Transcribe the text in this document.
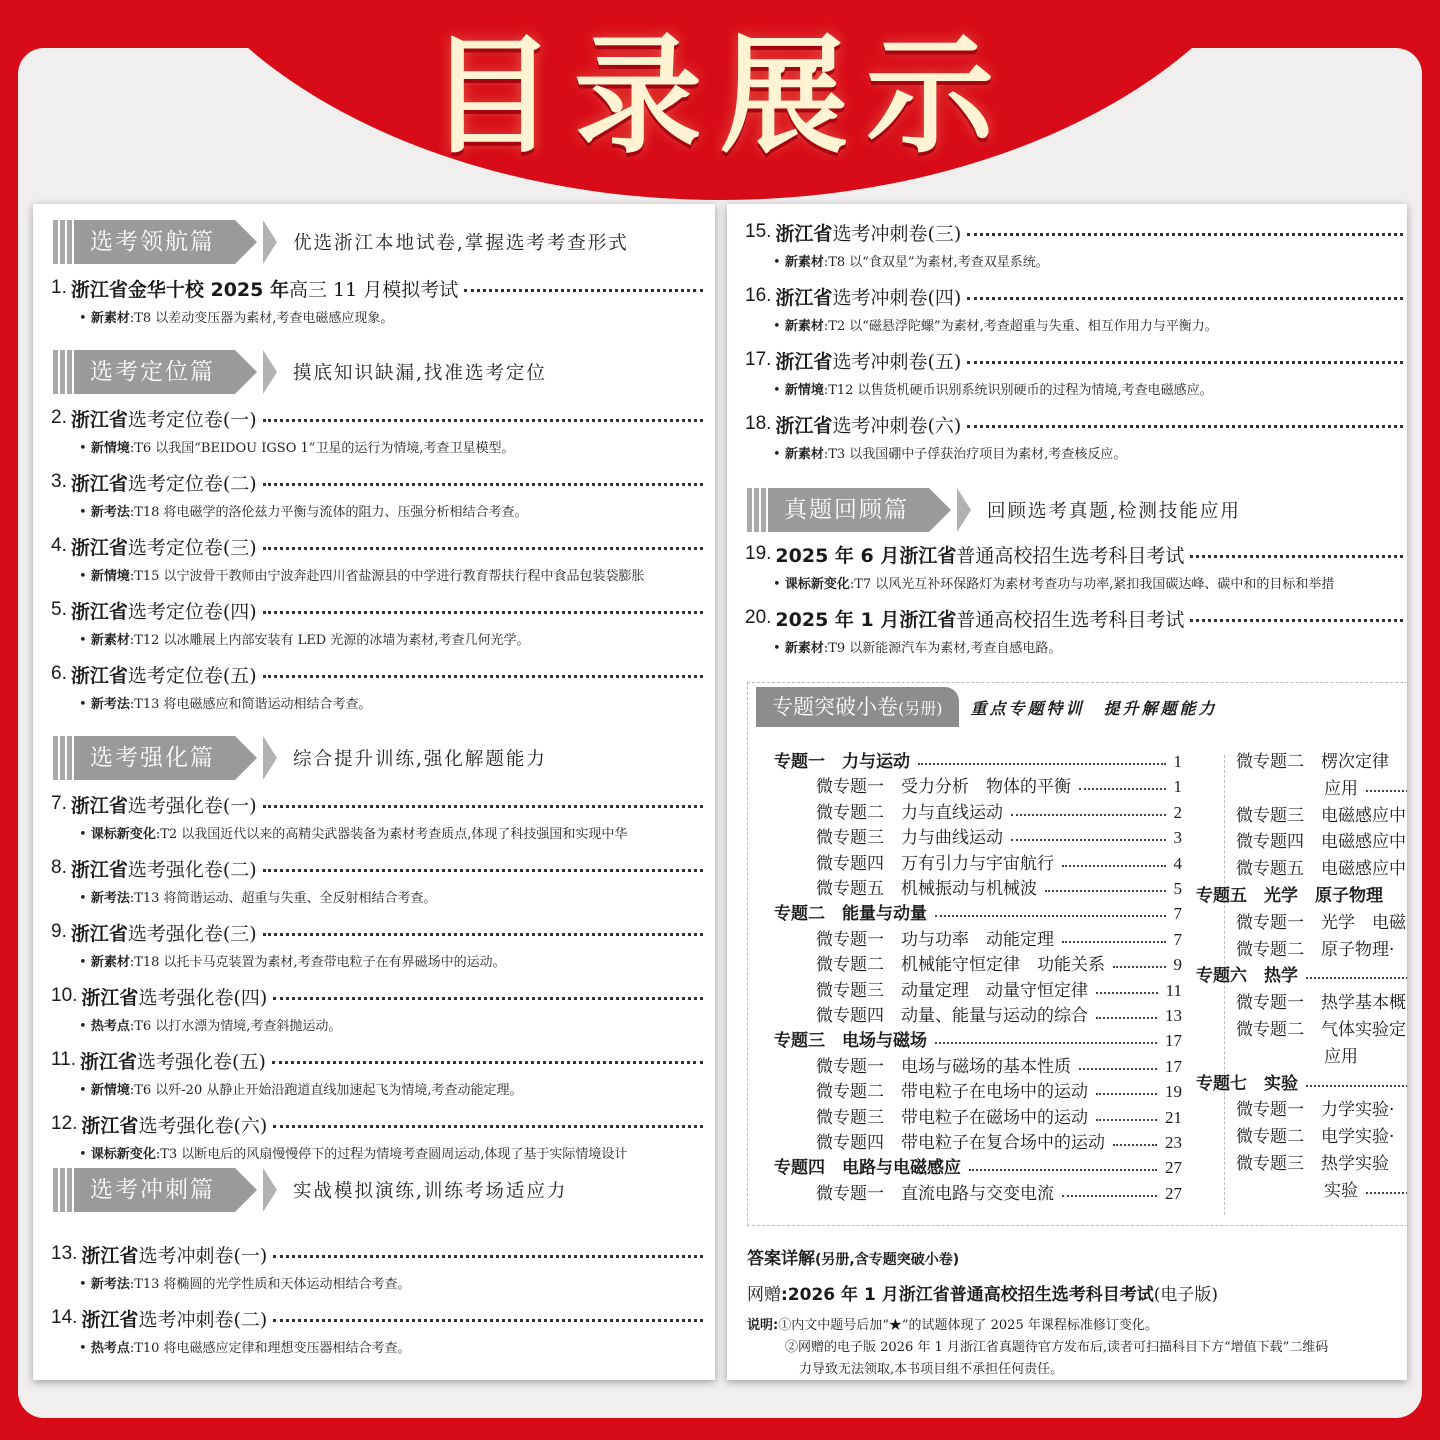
目录展示
选考领航篇	优选浙江本地试卷,掌握选考考查形式
选考定位篇	摸底知识缺漏,找准选考定位
选考强化篇	综合提升训练,强化解题能力
选考冲刺篇	实战模拟演练,训练考场适应力
1. 浙江省金华十校 2025 年 高三 11 月模拟考试
• 新素材:T8 以差动变压器为素材,考查电磁感应现象。
2. 浙江省 选考定位卷(一)
• 新情境:T6 以我国“BEIDOU IGSO 1”卫星的运行为情境,考查卫星模型。
3. 浙江省 选考定位卷(二)
• 新考法:T18 将电磁学的洛伦兹力平衡与流体的阻力、压强分析相结合考查。
4. 浙江省 选考定位卷(三)
• 新情境:T15 以宁波骨干教师由宁波奔赴四川省盐源县的中学进行教育帮扶行程中食品包装袋膨胀
5. 浙江省 选考定位卷(四)
• 新素材:T12 以冰雕展上内部安装有 LED 光源的冰墙为素材,考查几何光学。
6. 浙江省 选考定位卷(五)
• 新考法:T13 将电磁感应和简谐运动相结合考查。
7. 浙江省 选考强化卷(一)
• 课标新变化:T2 以我国近代以来的高精尖武器装备为素材考查质点,体现了科技强国和实现中华
8. 浙江省 选考强化卷(二)
• 新考法:T13 将简谐运动、超重与失重、全反射相结合考查。
9. 浙江省 选考强化卷(三)
• 新素材:T18 以托卡马克装置为素材,考查带电粒子在有界磁场中的运动。
10. 浙江省 选考强化卷(四)
• 热考点:T6 以打水漂为情境,考查斜抛运动。
11. 浙江省 选考强化卷(五)
• 新情境:T6 以歼-20 从静止开始沿跑道直线加速起飞为情境,考查动能定理。
12. 浙江省 选考强化卷(六)
• 课标新变化:T3 以断电后的风扇慢慢停下的过程为情境考查圆周运动,体现了基于实际情境设计
13. 浙江省 选考冲刺卷(一)
• 新考法:T13 将椭圆的光学性质和天体运动相结合考查。
14. 浙江省 选考冲刺卷(二)
• 热考点:T10 将电磁感应定律和理想变压器相结合考查。
专题突破小卷(另册)	重点专题特训　提升解题能力
专题一　力与运动	1
微专题一　受力分析　物体的平衡	1
微专题二　力与直线运动	2
微专题三　力与曲线运动	3
微专题四　万有引力与宇宙航行	4
微专题五　机械振动与机械波	5
专题二　能量与动量	7
微专题一　功与功率　动能定理	7
微专题二　机械能守恒定律　功能关系	9
微专题三　动量定理　动量守恒定律	11
微专题四　动量、能量与运动的综合	13
专题三　电场与磁场	17
微专题一　电场与磁场的基本性质	17
微专题二　带电粒子在电场中的运动	19
微专题三　带电粒子在磁场中的运动	21
微专题四　带电粒子在复合场中的运动	23
专题四　电路与电磁感应	27
微专题一　直流电路与交变电流	27
微专题二　楞次定律
应用
微专题三　电磁感应中
微专题四　电磁感应中
微专题五　电磁感应中
专题五　光学　原子物理
微专题一　光学　电磁
微专题二　原子物理·
专题六　热学
微专题一　热学基本概
微专题二　气体实验定
应用
专题七　实验
微专题一　力学实验·
微专题二　电学实验·
微专题三　热学实验
实验
答案详解(另册,含专题突破小卷)
网赠:2026 年 1 月浙江省普通高校招生选考科目考试(电子版)
说明:①内文中题号后加“★”的试题体现了 2025 年课程标准修订变化。
②网赠的电子版 2026 年 1 月浙江省真题待官方发布后,读者可扫描科目下方“增值下载”二维码
力导致无法领取,本书项目组不承担任何责任。
15. 浙江省 选考冲刺卷(三)
• 新素材:T8 以“食双星”为素材,考查双星系统。
16. 浙江省 选考冲刺卷(四)
• 新素材:T2 以“磁悬浮陀螺”为素材,考查超重与失重、相互作用力与平衡力。
17. 浙江省 选考冲刺卷(五)
• 新情境:T12 以售货机硬币识别系统识别硬币的过程为情境,考查电磁感应。
18. 浙江省 选考冲刺卷(六)
• 新素材:T3 以我国硼中子俘获治疗项目为素材,考查核反应。
19. 2025 年 6 月浙江省 普通高校招生选考科目考试
• 课标新变化:T7 以风光互补环保路灯为素材考查功与功率,紧扣我国碳达峰、碳中和的目标和举措
20. 2025 年 1 月浙江省 普通高校招生选考科目考试
• 新素材:T9 以新能源汽车为素材,考查自感电路。
真题回顾篇	回顾选考真题,检测技能应用
